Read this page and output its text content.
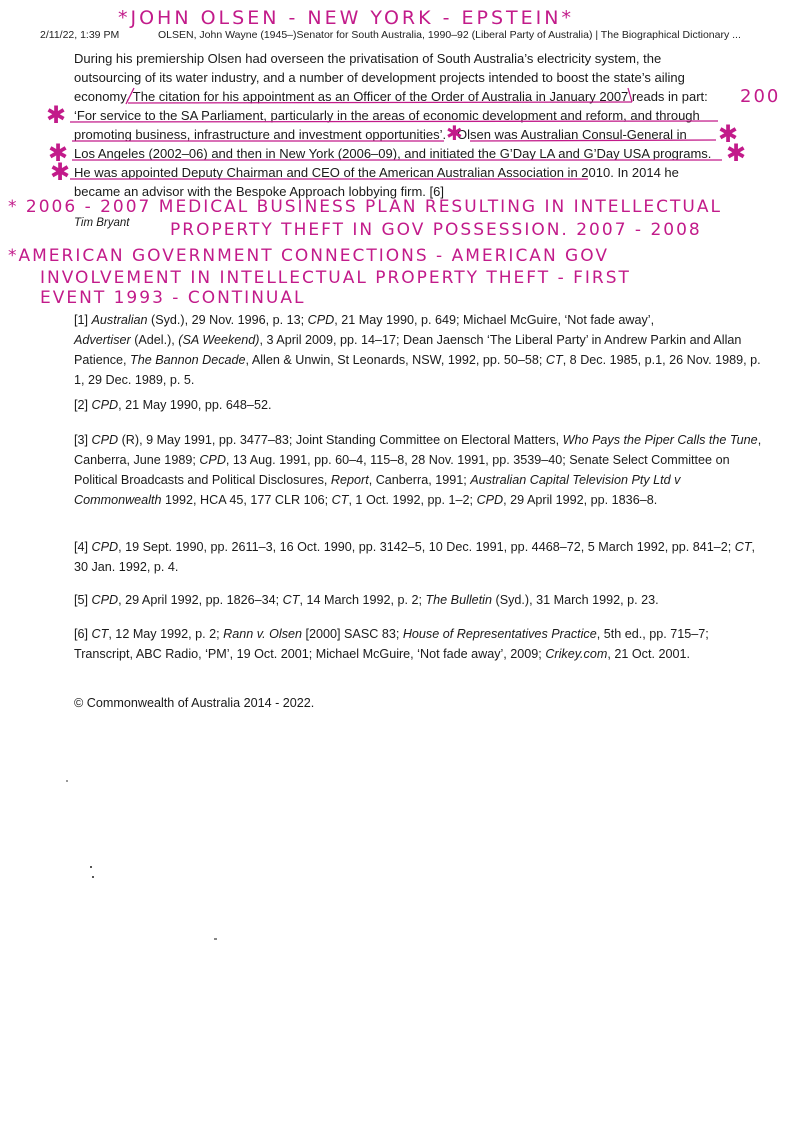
*JOHN OLSEN - NEW YORK - EPSTEIN*
2/11/22, 1:39 PM	OLSEN, John Wayne (1945–)Senator for South Australia, 1990–92 (Liberal Party of Australia) | The Biographical Dictionary ...
During his premiership Olsen had overseen the privatisation of South Australia’s electricity system, the
outsourcing of its water industry, and a number of development projects intended to boost the state’s ailing
economy. The citation for his appointment as an Officer of the Order of Australia in January 2007 reads in part: 200
‘For service to the SA Parliament, particularly in the areas of economic development and reform, and through
promoting business, infrastructure and investment opportunities’. Olsen was Australian Consul-General in
Los Angeles (2002–06) and then in New York (2006–09), and initiated the G’Day LA and G’Day USA programs.
He was appointed Deputy Chairman and CEO of the American Australian Association in 2010. In 2014 he
became an advisor with the Bespoke Approach lobbying firm. [6]
Tim Bryant
* 2006 - 2007 MEDICAL BUSINESS PLAN RESULTING IN INTELLECTUAL
PROPERTY THEFT IN GOV POSSESSION. 2007 - 2008
*AMERICAN GOVERNMENT CONNECTIONS - AMERICAN GOV
INVOLVEMENT IN INTELLECTUAL PROPERTY THEFT - FIRST
EVENT 1993 - CONTINUAL
✱
✱	✱
✱	✱
✱
[1] Australian (Syd.), 29 Nov. 1996, p. 13; CPD, 21 May 1990, p. 649; Michael McGuire, ‘Not fade away’,
Advertiser (Adel.), (SA Weekend), 3 April 2009, pp. 14–17; Dean Jaensch ‘The Liberal Party’ in Andrew Parkin and Allan Patience, The Bannon Decade, Allen & Unwin, St Leonards, NSW, 1992, pp. 50–58; CT, 8 Dec. 1985, p.1, 26 Nov. 1989, p. 1, 29 Dec. 1989, p. 5.
[2] CPD, 21 May 1990, pp. 648–52.
[3] CPD (R), 9 May 1991, pp. 3477–83; Joint Standing Committee on Electoral Matters, Who Pays the Piper Calls the Tune, Canberra, June 1989; CPD, 13 Aug. 1991, pp. 60–4, 115–8, 28 Nov. 1991, pp. 3539–40; Senate Select Committee on Political Broadcasts and Political Disclosures, Report, Canberra, 1991; Australian Capital Television Pty Ltd v Commonwealth 1992, HCA 45, 177 CLR 106; CT, 1 Oct. 1992, pp. 1–2; CPD, 29 April 1992, pp. 1836–8.
[4] CPD, 19 Sept. 1990, pp. 2611–3, 16 Oct. 1990, pp. 3142–5, 10 Dec. 1991, pp. 4468–72, 5 March 1992, pp. 841–2; CT, 30 Jan. 1992, p. 4.
[5] CPD, 29 April 1992, pp. 1826–34; CT, 14 March 1992, p. 2; The Bulletin (Syd.), 31 March 1992, p. 23.
[6] CT, 12 May 1992, p. 2; Rann v. Olsen [2000] SASC 83; House of Representatives Practice, 5th ed., pp. 715–7; Transcript, ABC Radio, ‘PM’, 19 Oct. 2001; Michael McGuire, ‘Not fade away’, 2009; Crikey.com, 21 Oct. 2001.
© Commonwealth of Australia 2014 - 2022.
